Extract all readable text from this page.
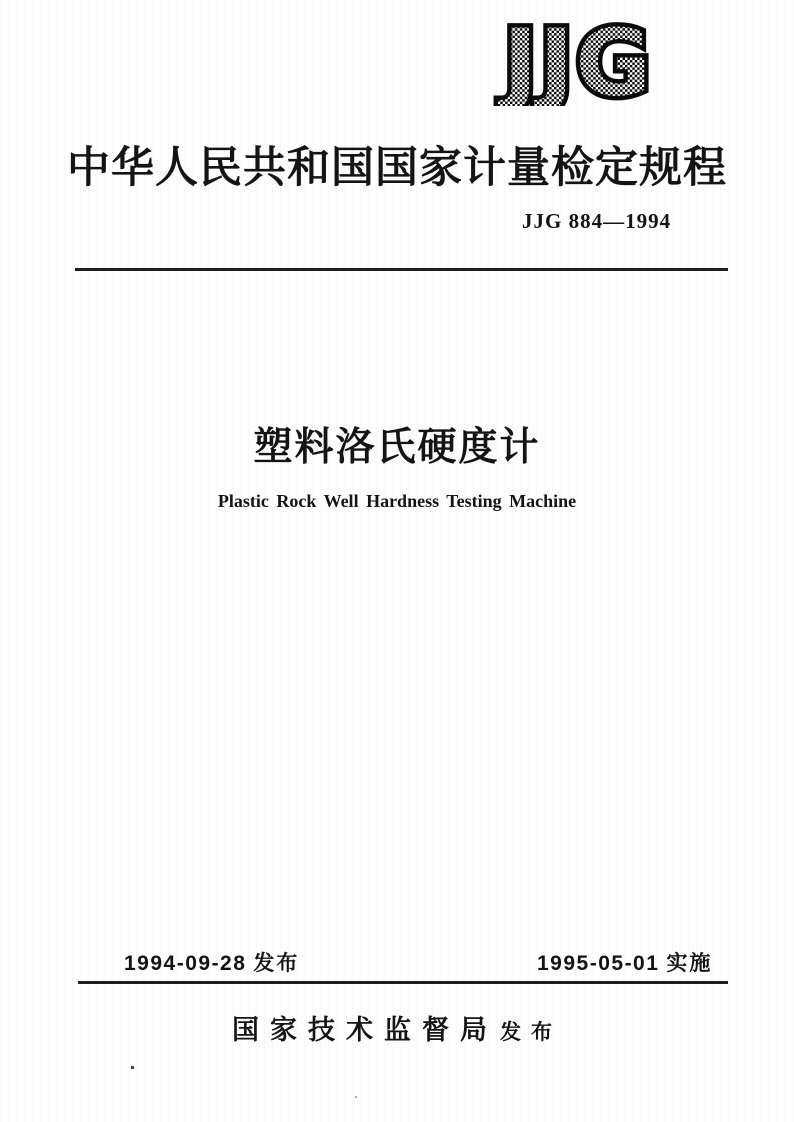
JJG
中华人民共和国国家计量检定规程
JJG 884—1994
塑料洛氏硬度计
Plastic Rock Well Hardness Testing Machine
1994-09-28 发布	1995-05-01 实施
国家技术监督局发布
